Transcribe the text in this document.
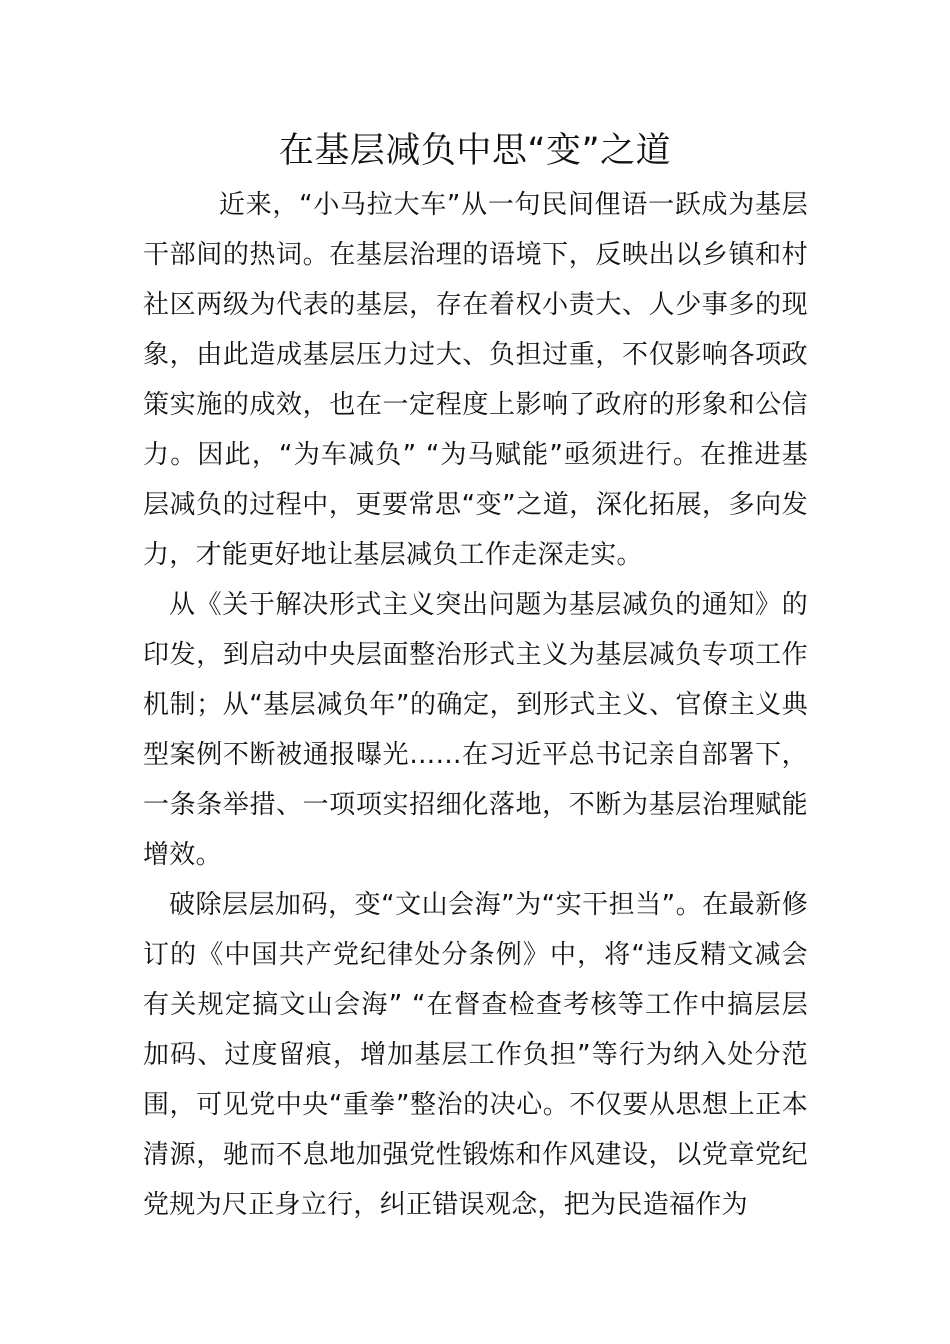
在基层减负中思“变”之道

近来，“小马拉大车”从一句民间俚语一跃成为基层干部间的热词。在基层治理的语境下，反映出以乡镇和村社区两级为代表的基层，存在着权小责大、人少事多的现象，由此造成基层压力过大、负担过重，不仅影响各项政策实施的成效，也在一定程度上影响了政府的形象和公信力。因此，“为车减负” “为马赋能”亟须进行。在推进基层减负的过程中，更要常思“变”之道，深化拓展，多向发力，才能更好地让基层减负工作走深走实。

从《关于解决形式主义突出问题为基层减负的通知》的印发，到启动中央层面整治形式主义为基层减负专项工作机制；从“基层减负年”的确定，到形式主义、官僚主义典型案例不断被通报曝光……在习近平总书记亲自部署下，一条条举措、一项项实招细化落地，不断为基层治理赋能增效。

破除层层加码，变“文山会海”为“实干担当”。在最新修订的《中国共产党纪律处分条例》中，将“违反精文减会有关规定搞文山会海” “在督查检查考核等工作中搞层层加码、过度留痕，增加基层工作负担”等行为纳入处分范围，可见党中央“重拳”整治的决心。不仅要从思想上正本清源，驰而不息地加强党性锻炼和作风建设，以党章党纪党规为尺正身立行，纠正错误观念，把为民造福作为
